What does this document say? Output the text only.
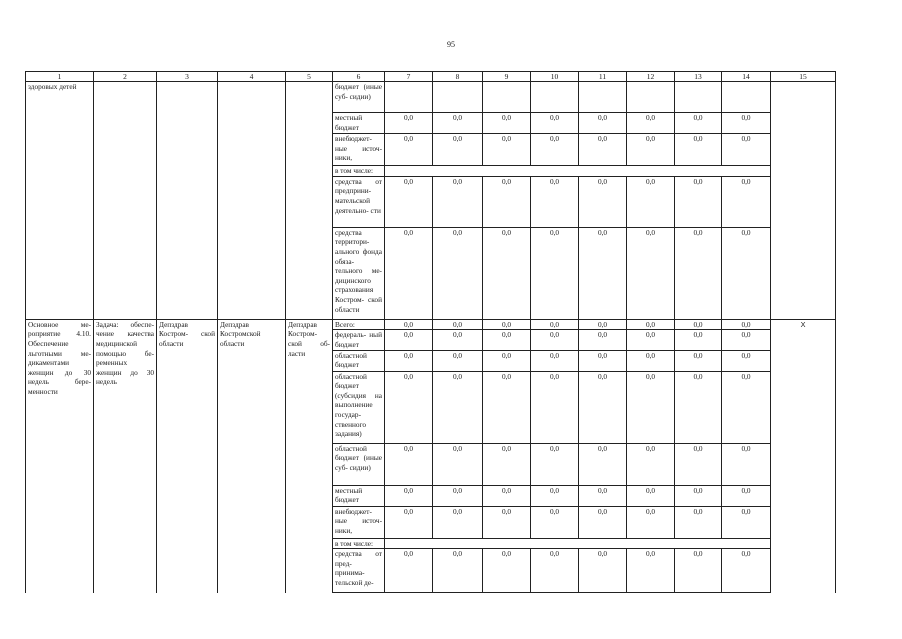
95
1	2	3	4	5	6	7	8	9	10	11	12	13	14	15
здоровых детей					бюджет (иные суб- сидии)									
					местный бюджет	0,0	0,0	0,0	0,0	0,0	0,0	0,0	0,0	
					внебюджет- ные источ- ники,	0,0	0,0	0,0	0,0	0,0	0,0	0,0	0,0	
					в том числе:									
					средства от предприни- мательской деятельно- сти	0,0	0,0	0,0	0,0	0,0	0,0	0,0	0,0	
					средства территори- ального фонда обяза- тельного ме- дицинского страхования Костром- ской области	0,0	0,0	0,0	0,0	0,0	0,0	0,0	0,0	
Основное ме- роприятие 4.10. Обеспечение льготными ме- дикаментами женщин до 30 недель бере- менности	Задача: обеспе- чение качества медицинской помощью бе- ременных женщин до 30 недель	Депздрав Костром- ской области	Депздрав Костромской области	Депздрав Костром- ской об- ласти	Всего:	0,0	0,0	0,0	0,0	0,0	0,0	0,0	0,0	X
					федераль- ный бюджет	0,0	0,0	0,0	0,0	0,0	0,0	0,0	0,0	
					областной бюджет	0,0	0,0	0,0	0,0	0,0	0,0	0,0	0,0	
					областной бюджет (субсидия на выполнение государ- ственного задания)	0,0	0,0	0,0	0,0	0,0	0,0	0,0	0,0	
					областной бюджет (иные суб- сидии)	0,0	0,0	0,0	0,0	0,0	0,0	0,0	0,0	
					местный бюджет	0,0	0,0	0,0	0,0	0,0	0,0	0,0	0,0	
					внебюджет- ные источ- ники,	0,0	0,0	0,0	0,0	0,0	0,0	0,0	0,0	
					в том числе:									
					средства от пред- принима- тельской де-	0,0	0,0	0,0	0,0	0,0	0,0	0,0	0,0	
